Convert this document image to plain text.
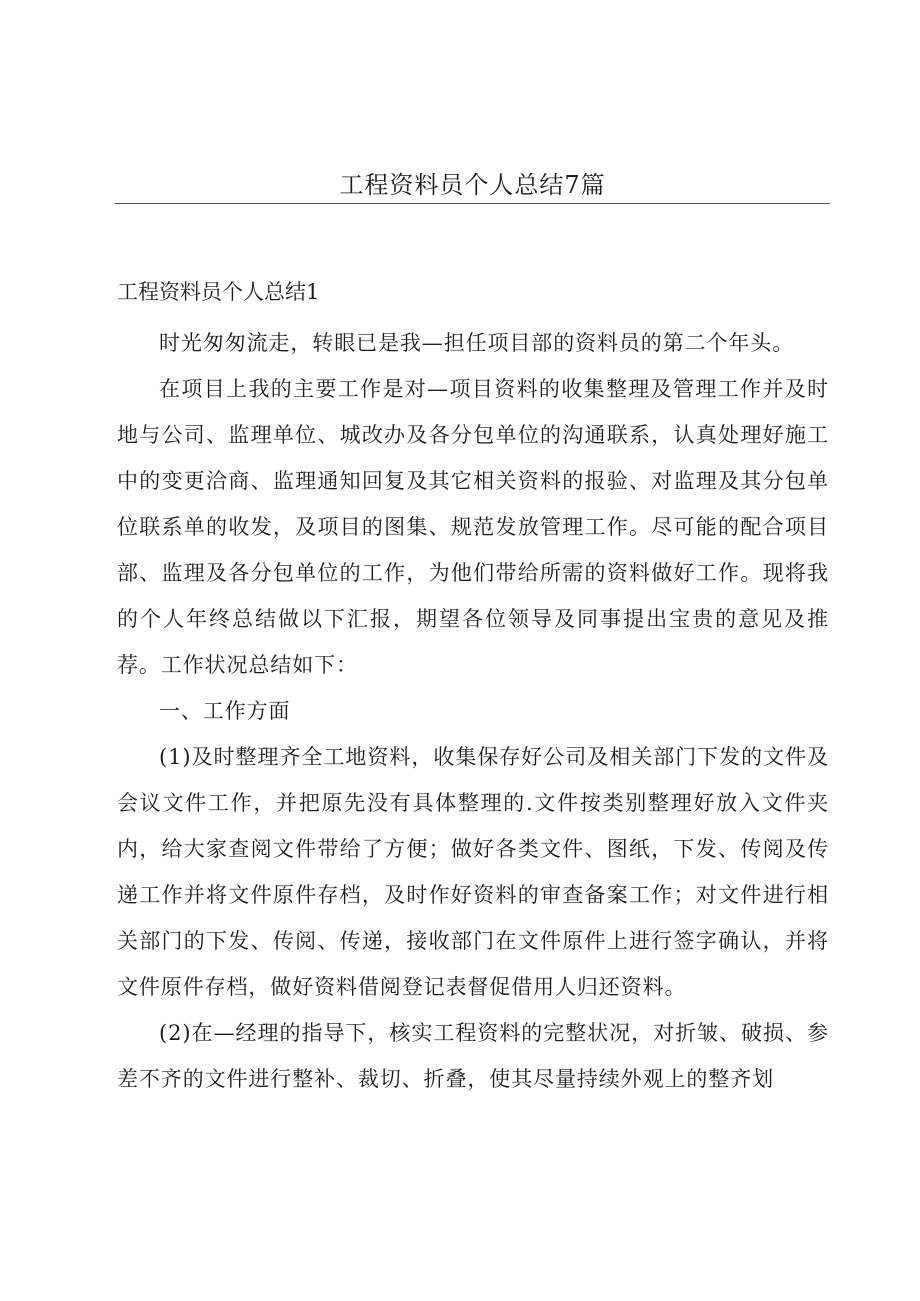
工程资料员个人总结7篇
工程资料员个人总结1

时光匆匆流走，转眼已是我—担任项目部的资料员的第二个年头。

在项目上我的主要工作是对—项目资料的收集整理及管理工作并及时地与公司、监理单位、城改办及各分包单位的沟通联系，认真处理好施工中的变更洽商、监理通知回复及其它相关资料的报验、对监理及其分包单位联系单的收发，及项目的图集、规范发放管理工作。尽可能的配合项目部、监理及各分包单位的工作，为他们带给所需的资料做好工作。现将我的个人年终总结做以下汇报，期望各位领导及同事提出宝贵的意见及推荐。工作状况总结如下：

一、工作方面

(1)及时整理齐全工地资料，收集保存好公司及相关部门下发的文件及会议文件工作，并把原先没有具体整理的.文件按类别整理好放入文件夹内，给大家查阅文件带给了方便；做好各类文件、图纸，下发、传阅及传递工作并将文件原件存档，及时作好资料的审查备案工作；对文件进行相关部门的下发、传阅、传递，接收部门在文件原件上进行签字确认，并将文件原件存档，做好资料借阅登记表督促借用人归还资料。

(2)在—经理的指导下，核实工程资料的完整状况，对折皱、破损、参差不齐的文件进行整补、裁切、折叠，使其尽量持续外观上的整齐划
